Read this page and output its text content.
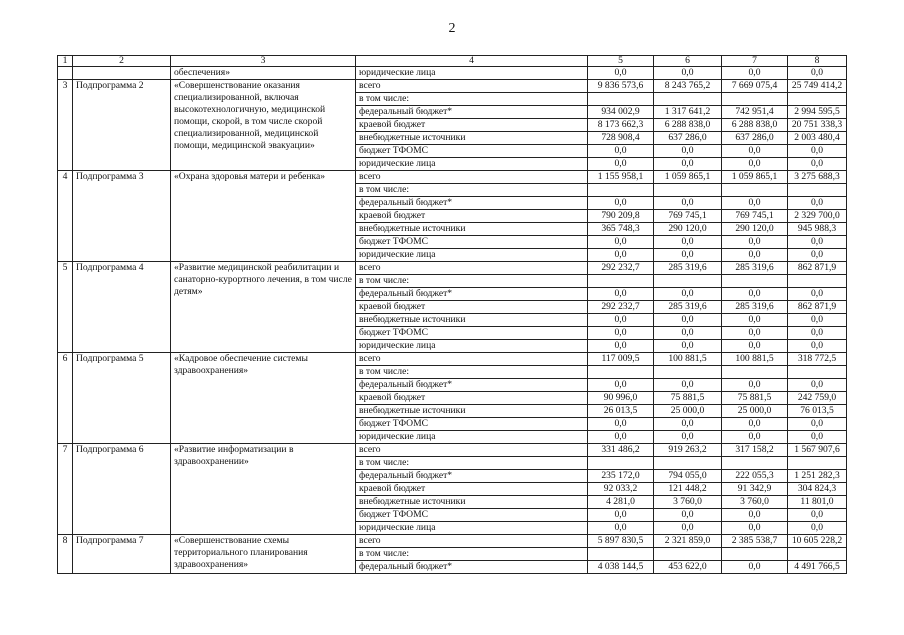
2
1	2	3	4	5	6	7	8
		обеспечения»	юридические лица	0,0	0,0	0,0	0,0
3	Подпрограмма 2	«Совершенствование оказания специализированной, включая высокотехнологичную, медицинской помощи, скорой, в том числе скорой специализированной, медицинской помощи, медицинской эвакуации»	всего	9 836 573,6	8 243 765,2	7 669 075,4	25 749 414,2
			в том числе:				
			федеральный бюджет*	934 002,9	1 317 641,2	742 951,4	2 994 595,5
			краевой бюджет	8 173 662,3	6 288 838,0	6 288 838,0	20 751 338,3
			внебюджетные источники	728 908,4	637 286,0	637 286,0	2 003 480,4
			бюджет ТФОМС	0,0	0,0	0,0	0,0
			юридические лица	0,0	0,0	0,0	0,0
4	Подпрограмма 3	«Охрана здоровья матери и ребенка»	всего	1 155 958,1	1 059 865,1	1 059 865,1	3 275 688,3
			в том числе:				
			федеральный бюджет*	0,0	0,0	0,0	0,0
			краевой бюджет	790 209,8	769 745,1	769 745,1	2 329 700,0
			внебюджетные источники	365 748,3	290 120,0	290 120,0	945 988,3
			бюджет ТФОМС	0,0	0,0	0,0	0,0
			юридические лица	0,0	0,0	0,0	0,0
5	Подпрограмма 4	«Развитие медицинской реабилитации и санаторно-курортного лечения, в том числе детям»	всего	292 232,7	285 319,6	285 319,6	862 871,9
			в том числе:				
			федеральный бюджет*	0,0	0,0	0,0	0,0
			краевой бюджет	292 232,7	285 319,6	285 319,6	862 871,9
			внебюджетные источники	0,0	0,0	0,0	0,0
			бюджет ТФОМС	0,0	0,0	0,0	0,0
			юридические лица	0,0	0,0	0,0	0,0
6	Подпрограмма 5	«Кадровое обеспечение системы здравоохранения»	всего	117 009,5	100 881,5	100 881,5	318 772,5
			в том числе:				
			федеральный бюджет*	0,0	0,0	0,0	0,0
			краевой бюджет	90 996,0	75 881,5	75 881,5	242 759,0
			внебюджетные источники	26 013,5	25 000,0	25 000,0	76 013,5
			бюджет ТФОМС	0,0	0,0	0,0	0,0
			юридические лица	0,0	0,0	0,0	0,0
7	Подпрограмма 6	«Развитие информатизации в здравоохранении»	всего	331 486,2	919 263,2	317 158,2	1 567 907,6
			в том числе:				
			федеральный бюджет*	235 172,0	794 055,0	222 055,3	1 251 282,3
			краевой бюджет	92 033,2	121 448,2	91 342,9	304 824,3
			внебюджетные источники	4 281,0	3 760,0	3 760,0	11 801,0
			бюджет ТФОМС	0,0	0,0	0,0	0,0
			юридические лица	0,0	0,0	0,0	0,0
8	Подпрограмма 7	«Совершенствование схемы территориального планирования здравоохранения»	всего	5 897 830,5	2 321 859,0	2 385 538,7	10 605 228,2
			в том числе:				
			федеральный бюджет*	4 038 144,5	453 622,0	0,0	4 491 766,5
